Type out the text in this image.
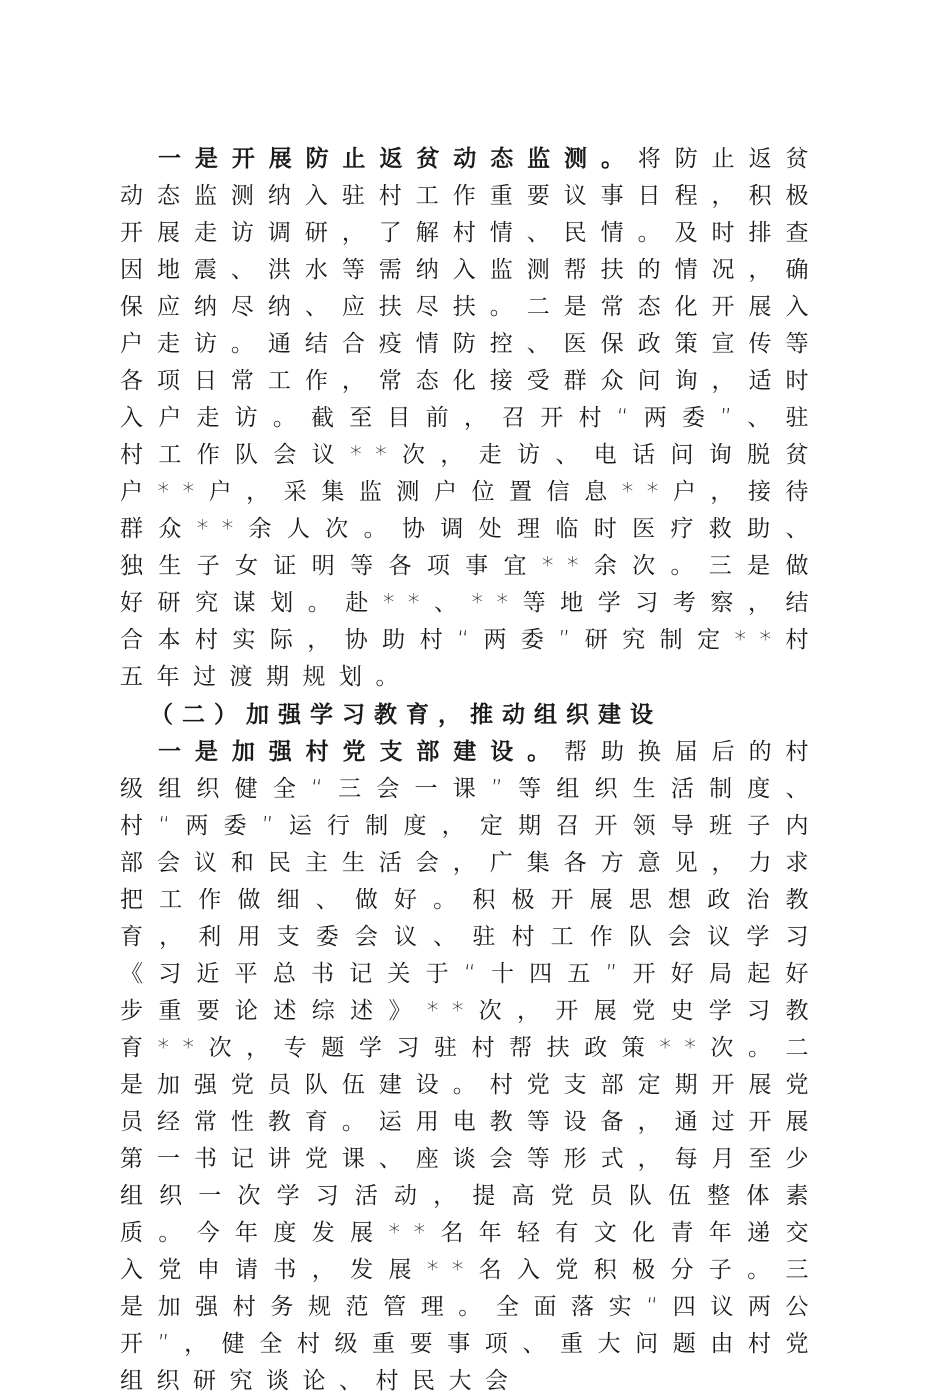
一是开展防止返贫动态监测。将防止返贫动态监测纳入驻村工作重要议事日程，积极开展走访调研，了解村情、民情。及时排查因地震、洪水等需纳入监测帮扶的情况，确保应纳尽纳、应扶尽扶。二是常态化开展入户走访。通结合疫情防控、医保政策宣传等各项日常工作，常态化接受群众问询，适时入户走访。截至目前，召开村“两委”、驻村工作队会议**次，走访、电话问询脱贫户**户，采集监测户位置信息**户，接待群众**余人次。协调处理临时医疗救助、独生子女证明等各项事宜**余次。三是做好研究谋划。赴**、**等地学习考察，结合本村实际，协助村“两委”研究制定**村五年过渡期规划。

（二）加强学习教育，推动组织建设

一是加强村党支部建设。帮助换届后的村级组织健全“三会一课”等组织生活制度、村“两委”运行制度，定期召开领导班子内部会议和民主生活会，广集各方意见，力求把工作做细、做好。积极开展思想政治教育，利用支委会议、驻村工作队会议学习《习近平总书记关于“十四五”开好局起好步重要论述综述》**次，开展党史学习教育**次，专题学习驻村帮扶政策**次。二是加强党员队伍建设。村党支部定期开展党员经常性教育。运用电教等设备，通过开展第一书记讲党课、座谈会等形式，每月至少组织一次学习活动，提高党员队伍整体素质。今年度发展**名年轻有文化青年递交入党申请书，发展**名入党积极分子。三是加强村务规范管理。全面落实“四议两公开”，健全村级重要事项、重大问题由村党组织研究谈论、村民大会
